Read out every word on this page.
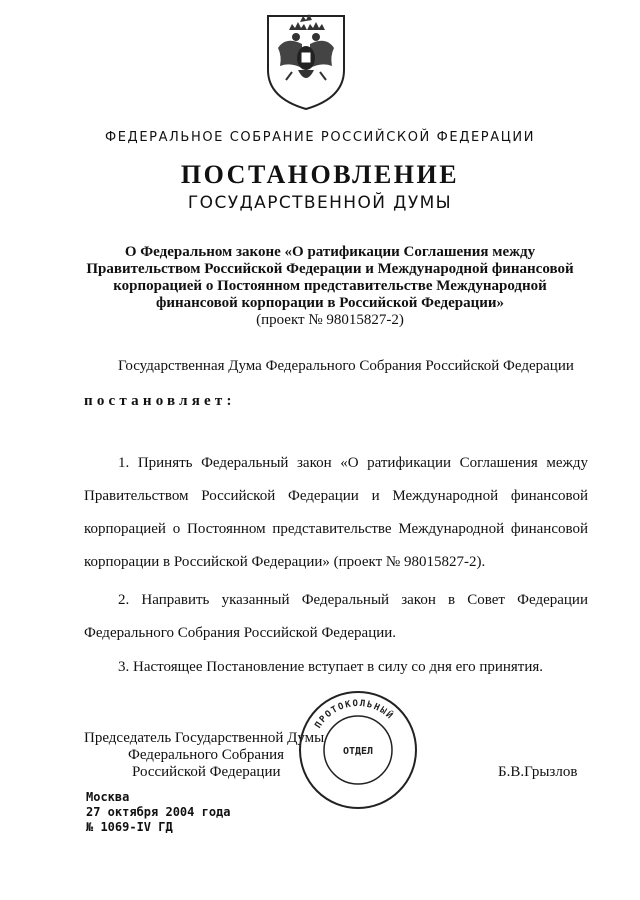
ФЕДЕРАЛЬНОЕ СОБРАНИЕ РОССИЙСКОЙ ФЕДЕРАЦИИ
ПОСТАНОВЛЕНИЕ
ГОСУДАРСТВЕННОЙ ДУМЫ
О Федеральном законе «О ратификации Соглашения между
Правительством Российской Федерации и Международной финансовой
корпорацией о Постоянном представительстве Международной
финансовой корпорации в Российской Федерации»
(проект № 98015827-2)
Государственная Дума Федерального Собрания Российской Федерации
постановляет:
1. Принять Федеральный закон «О ратификации Соглашения между
Правительством Российской Федерации и Международной финансовой
корпорацией о Постоянном представительстве Международной финансовой
корпорации в Российской Федерации» (проект № 98015827-2).
2. Направить указанный Федеральный закон в Совет Федерации
Федерального Собрания Российской Федерации.
3. Настоящее Постановление вступает в силу со дня его принятия.
Председатель Государственной Думы
Федерального Собрания
Российской Федерации
ПРОТОКОЛЬНЫЙ
ОТДЕЛ
Б.В.Грызлов
Москва
27 октября 2004 года
№ 1069-IV ГД
